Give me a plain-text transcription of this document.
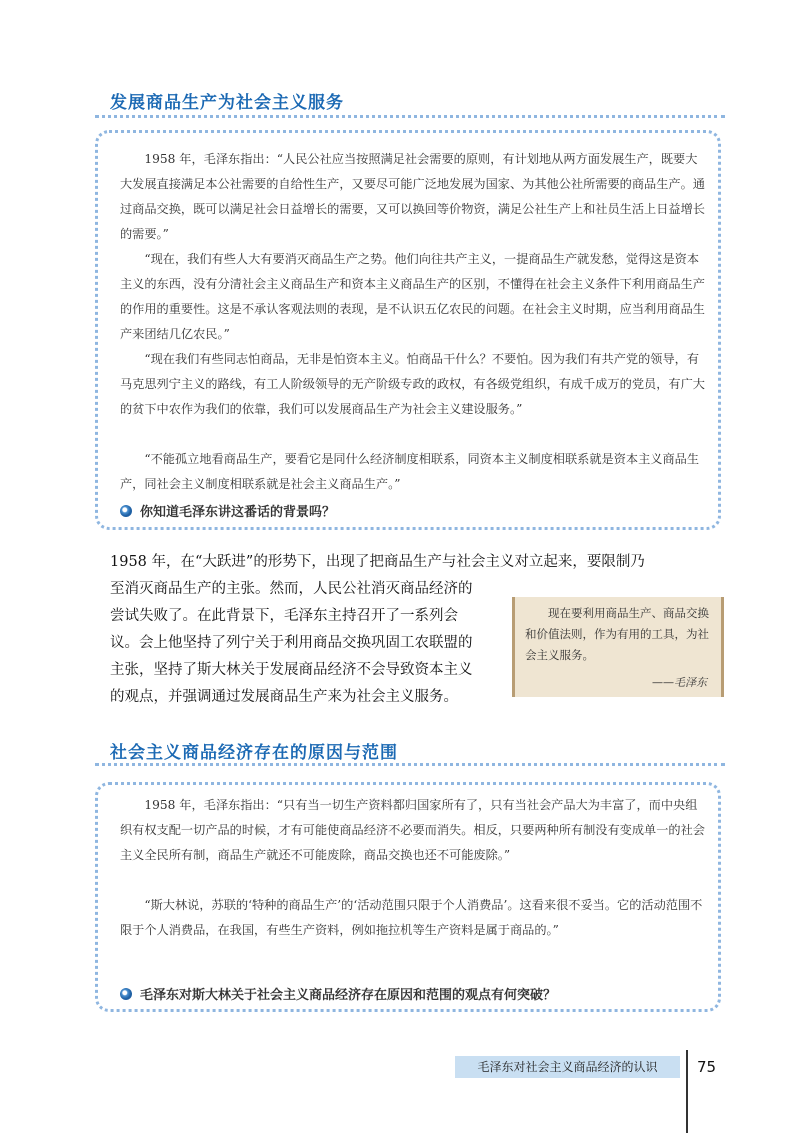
发展商品生产为社会主义服务

1958 年，毛泽东指出：“人民公社应当按照满足社会需要的原则，有计划地从两方面发展生产，既要大大发展直接满足本公社需要的自给性生产，又要尽可能广泛地发展为国家、为其他公社所需要的商品生产。通过商品交换，既可以满足社会日益增长的需要，又可以换回等价物资，满足公社生产上和社员生活上日益增长的需要。”

“现在，我们有些人大有要消灭商品生产之势。他们向往共产主义，一提商品生产就发愁，觉得这是资本主义的东西，没有分清社会主义商品生产和资本主义商品生产的区别，不懂得在社会主义条件下利用商品生产的作用的重要性。这是不承认客观法则的表现，是不认识五亿农民的问题。在社会主义时期，应当利用商品生产来团结几亿农民。”

“现在我们有些同志怕商品，无非是怕资本主义。怕商品干什么？不要怕。因为我们有共产党的领导，有马克思列宁主义的路线，有工人阶级领导的无产阶级专政的政权，有各级党组织，有成千成万的党员，有广大的贫下中农作为我们的依靠，我们可以发展商品生产为社会主义建设服务。”

“不能孤立地看商品生产，要看它是同什么经济制度相联系，同资本主义制度相联系就是资本主义商品生产，同社会主义制度相联系就是社会主义商品生产。”

你知道毛泽东讲这番话的背景吗？

1958 年，在“大跃进”的形势下，出现了把商品生产与社会主义对立起来，要限制乃

至消灭商品生产的主张。然而，人民公社消灭商品经济的

尝试失败了。在此背景下，毛泽东主持召开了一系列会

议。会上他坚持了列宁关于利用商品交换巩固工农联盟的

主张，坚持了斯大林关于发展商品经济不会导致资本主义

的观点，并强调通过发展商品生产来为社会主义服务。

现在要利用商品生产、商品交换和价值法则，作为有用的工具，为社会主义服务。

——毛泽东
社会主义商品经济存在的原因与范围

1958 年，毛泽东指出：“只有当一切生产资料都归国家所有了，只有当社会产品大为丰富了，而中央组织有权支配一切产品的时候，才有可能使商品经济不必要而消失。相反，只要两种所有制没有变成单一的社会主义全民所有制，商品生产就还不可能废除，商品交换也还不可能废除。”

“斯大林说，苏联的‘特种的商品生产’的‘活动范围只限于个人消费品’。这看来很不妥当。它的活动范围不限于个人消费品，在我国，有些生产资料，例如拖拉机等生产资料是属于商品的。”

毛泽东对斯大林关于社会主义商品经济存在原因和范围的观点有何突破？
毛泽东对社会主义商品经济的认识	75
